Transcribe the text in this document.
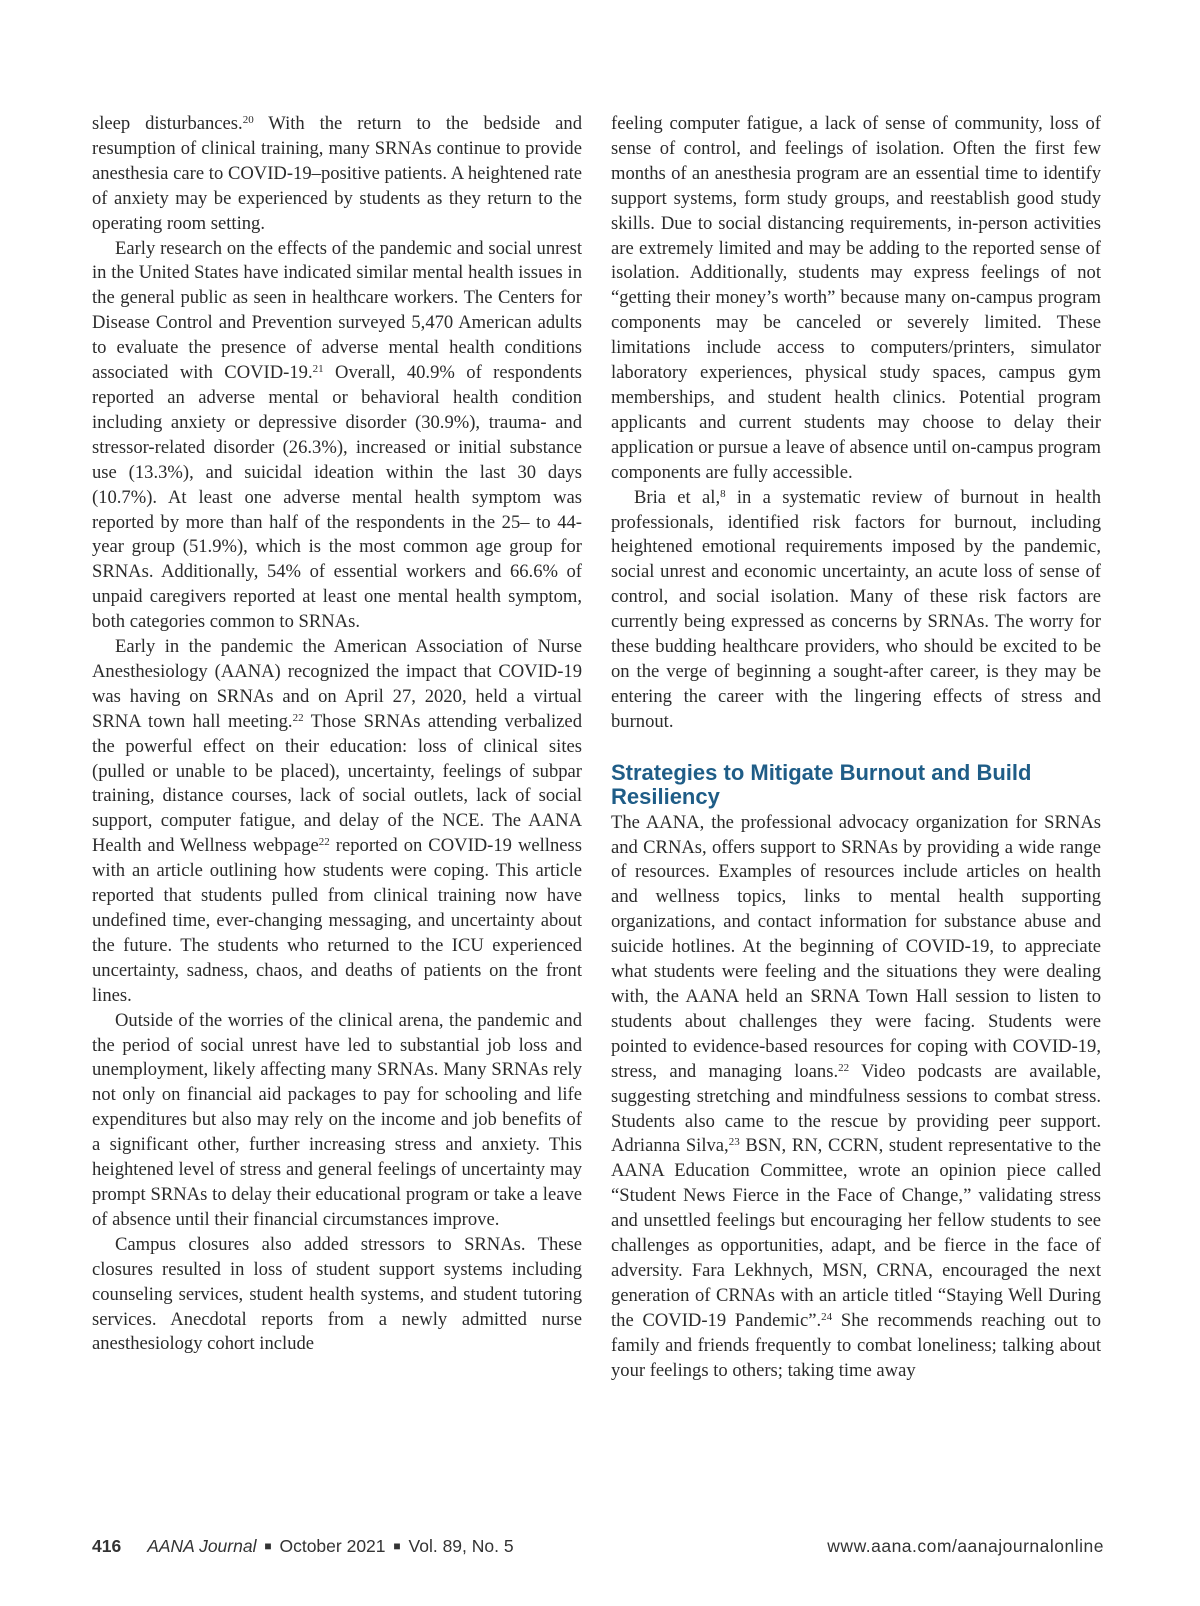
sleep disturbances.$^{20}$ With the return to the bedside and resumption of clinical training, many SRNAs continue to provide anesthesia care to COVID-19–positive patients. A heightened rate of anxiety may be experienced by students as they return to the operating room setting.

Early research on the effects of the pandemic and social unrest in the United States have indicated similar mental health issues in the general public as seen in healthcare workers. The Centers for Disease Control and Prevention surveyed 5,470 American adults to evaluate the presence of adverse mental health conditions associated with COVID-19.21 Overall, 40.9% of respondents reported an adverse mental or behavioral health condition including anxiety or depressive disorder (30.9%), trauma- and stressor-related disorder (26.3%), increased or initial substance use (13.3%), and suicidal ideation within the last 30 days (10.7%). At least one adverse mental health symptom was reported by more than half of the respondents in the 25– to 44-year group (51.9%), which is the most common age group for SRNAs. Additionally, 54% of essential workers and 66.6% of unpaid caregivers reported at least one mental health symptom, both categories common to SRNAs.

Early in the pandemic the American Association of Nurse Anesthesiology (AANA) recognized the impact that COVID-19 was having on SRNAs and on April 27, 2020, held a virtual SRNA town hall meeting.$^{22}$ Those SRNAs attending verbalized the powerful effect on their education: loss of clinical sites (pulled or unable to be placed), uncertainty, feelings of subpar training, distance courses, lack of social outlets, lack of social support, computer fatigue, and delay of the NCE. The AANA Health and Wellness webpage$^{22}$ reported on COVID-19 wellness with an article outlining how students were coping. This article reported that students pulled from clinical training now have undefined time, ever-changing messaging, and uncertainty about the future. The students who returned to the ICU experienced uncertainty, sadness, chaos, and deaths of patients on the front lines.

Outside of the worries of the clinical arena, the pandemic and the period of social unrest have led to substantial job loss and unemployment, likely affecting many SRNAs. Many SRNAs rely not only on financial aid packages to pay for schooling and life expenditures but also may rely on the income and job benefits of a significant other, further increasing stress and anxiety. This heightened level of stress and general feelings of uncertainty may prompt SRNAs to delay their educational program or take a leave of absence until their financial circumstances improve.

Campus closures also added stressors to SRNAs. These closures resulted in loss of student support systems including counseling services, student health systems, and student tutoring services. Anecdotal reports from a newly admitted nurse anesthesiology cohort include

feeling computer fatigue, a lack of sense of community, loss of sense of control, and feelings of isolation. Often the first few months of an anesthesia program are an essential time to identify support systems, form study groups, and reestablish good study skills. Due to social distancing requirements, in-person activities are extremely limited and may be adding to the reported sense of isolation. Additionally, students may express feelings of not “getting their money’s worth” because many on-campus program components may be canceled or severely limited. These limitations include access to computers/printers, simulator laboratory experiences, physical study spaces, campus gym memberships, and student health clinics. Potential program applicants and current students may choose to delay their application or pursue a leave of absence until on-campus program components are fully accessible.

Bria et al,$^8$ in a systematic review of burnout in health professionals, identified risk factors for burnout, including heightened emotional requirements imposed by the pandemic, social unrest and economic uncertainty, an acute loss of sense of control, and social isolation. Many of these risk factors are currently being expressed as concerns by SRNAs. The worry for these budding healthcare providers, who should be excited to be on the verge of beginning a sought-after career, is they may be entering the career with the lingering effects of stress and burnout.

Strategies to Mitigate Burnout and Build Resiliency

The AANA, the professional advocacy organization for SRNAs and CRNAs, offers support to SRNAs by providing a wide range of resources. Examples of resources include articles on health and wellness topics, links to mental health supporting organizations, and contact information for substance abuse and suicide hotlines. At the beginning of COVID-19, to appreciate what students were feeling and the situations they were dealing with, the AANA held an SRNA Town Hall session to listen to students about challenges they were facing. Students were pointed to evidence-based resources for coping with COVID-19, stress, and managing loans.$^{22}$ Video podcasts are available, suggesting stretching and mindfulness sessions to combat stress. Students also came to the rescue by providing peer support. Adrianna Silva,$^{23}$ BSN, RN, CCRN, student representative to the AANA Education Committee, wrote an opinion piece called “Student News Fierce in the Face of Change,” validating stress and unsettled feelings but encouraging her fellow students to see challenges as opportunities, adapt, and be fierce in the face of adversity. Fara Lekhnych, MSN, CRNA, encouraged the next generation of CRNAs with an article titled “Staying Well During the COVID-19 Pandemic”.$^{24}$ She recommends reaching out to family and friends frequently to combat loneliness; talking about your feelings to others; taking time away

416 AANA Journal ■ October 2021 ■ Vol. 89, No. 5	www.aana.com/aanajournalonline
